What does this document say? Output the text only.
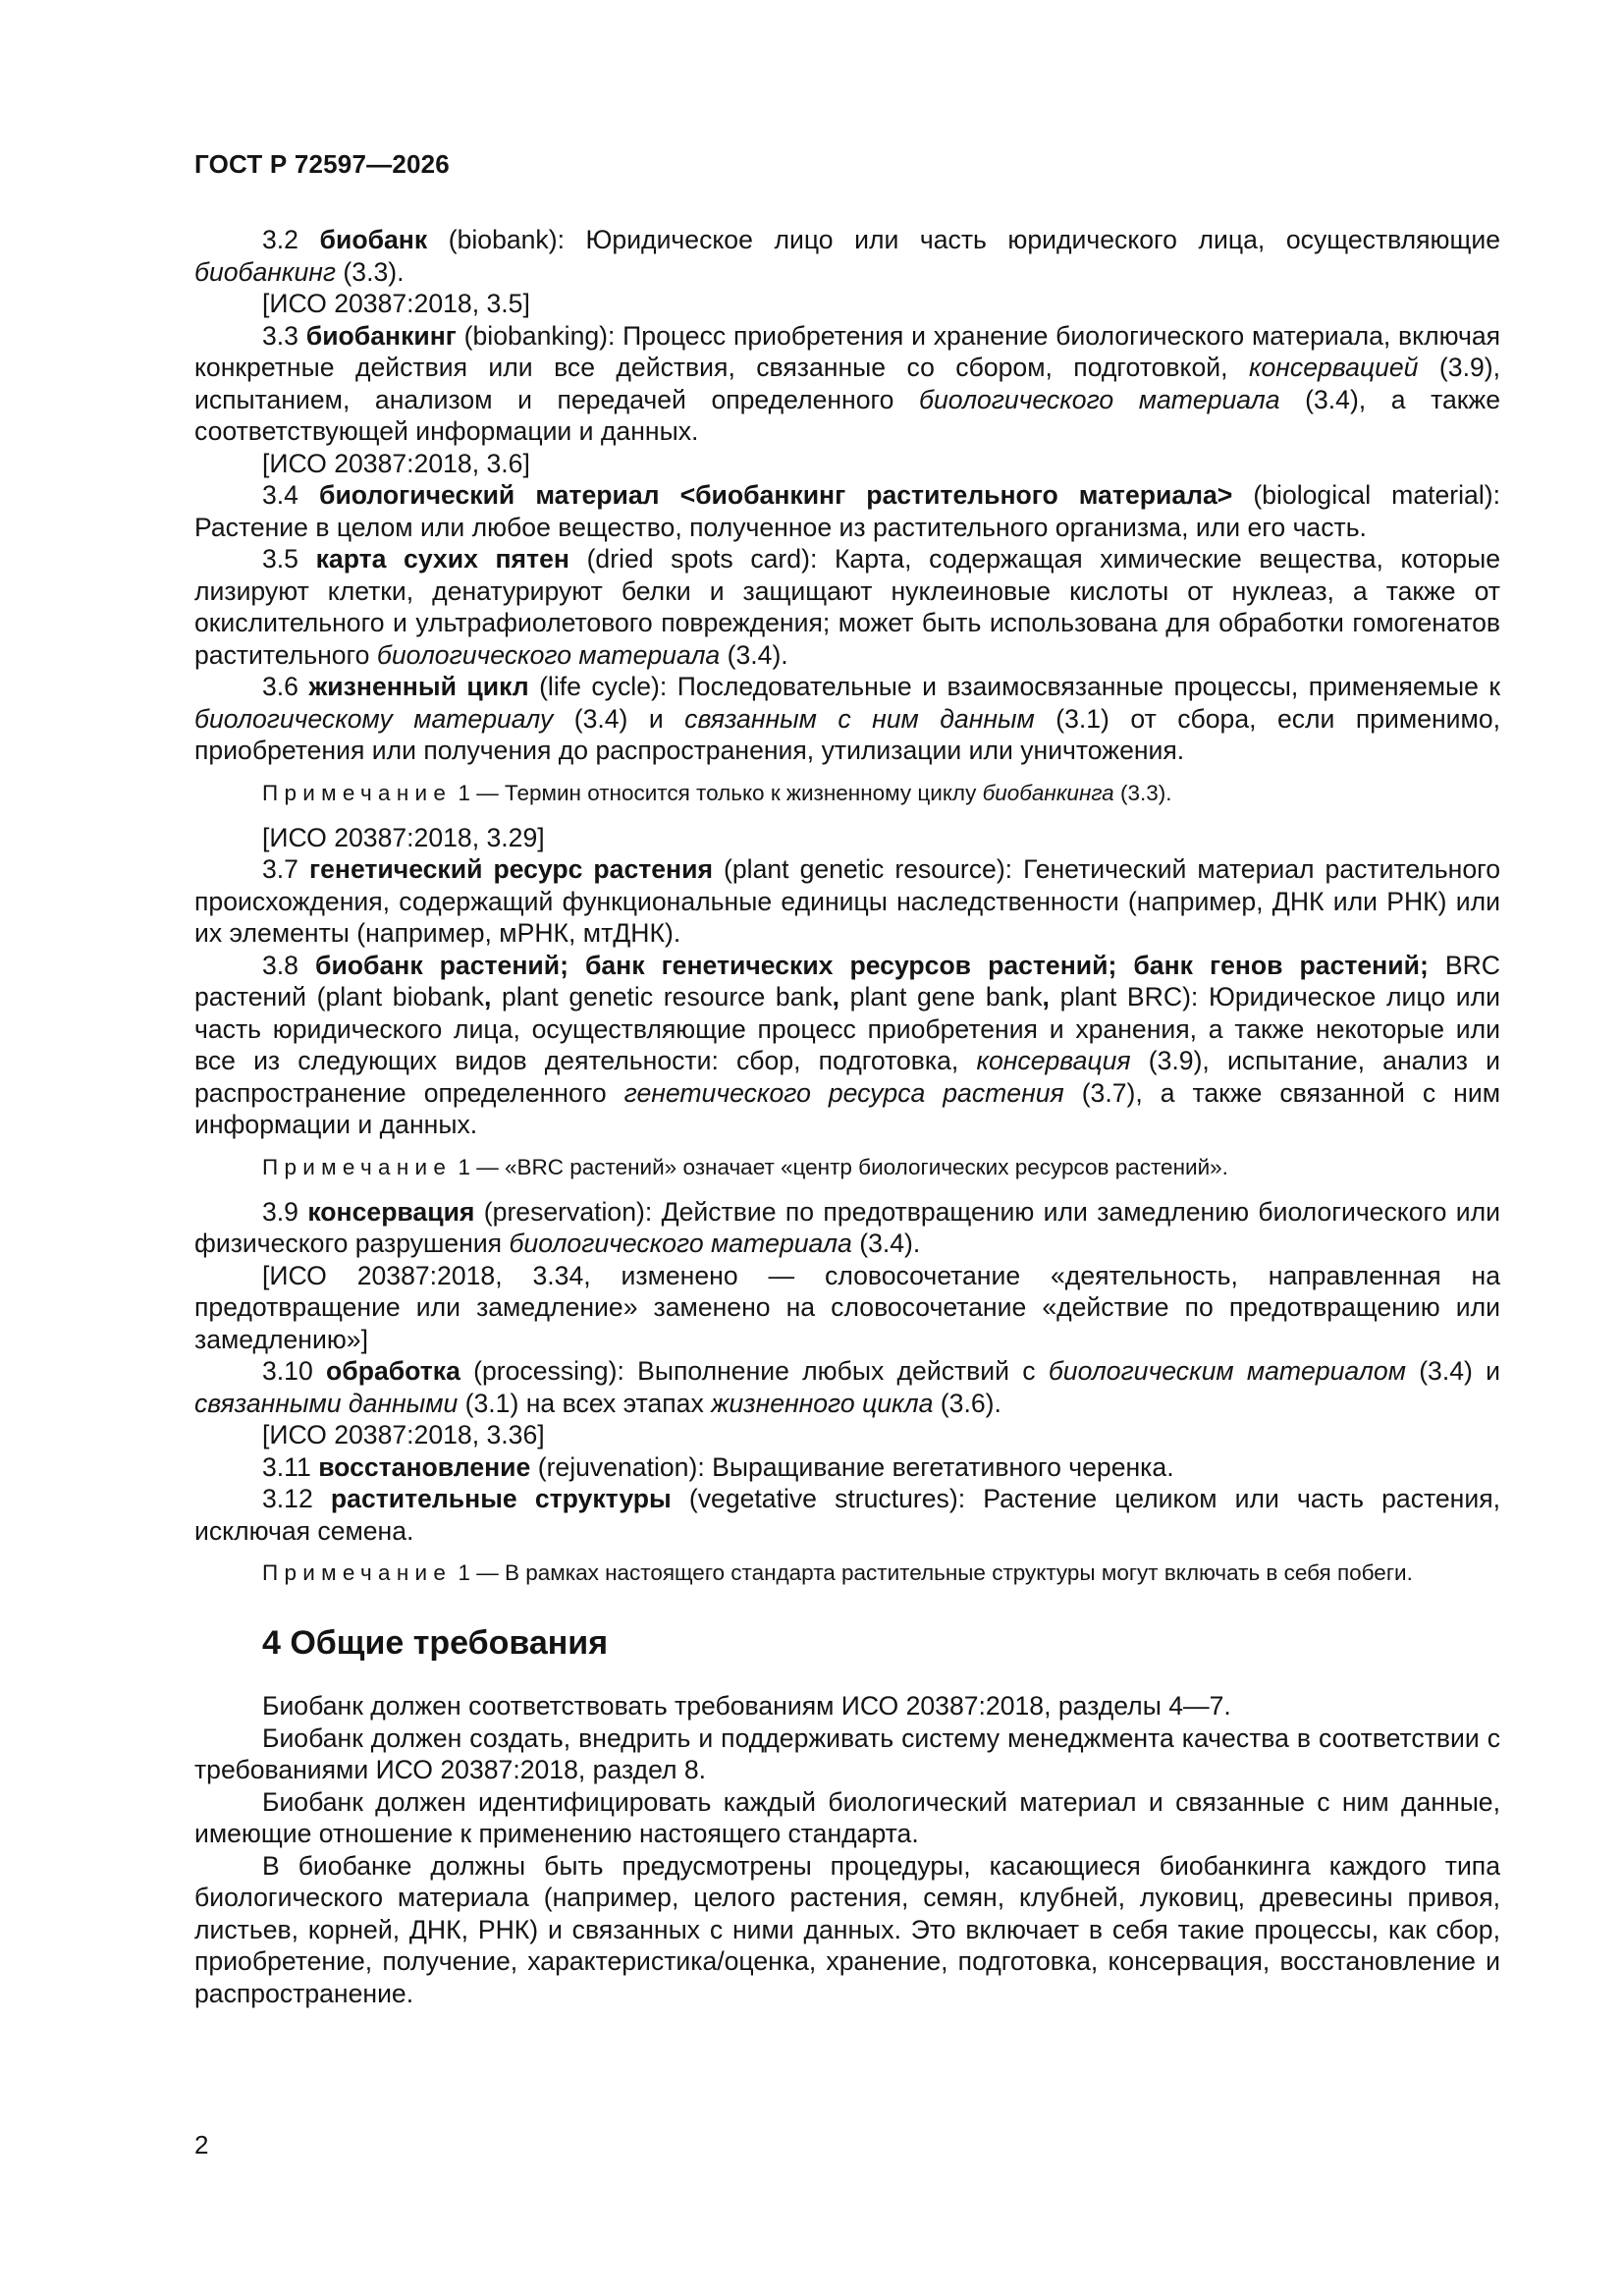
ГОСТ Р 72597—2026

3.2 биобанк (biobank): Юридическое лицо или часть юридического лица, осуществляющие биобанкинг (3.3).

[ИСО 20387:2018, 3.5]

3.3 биобанкинг (biobanking): Процесс приобретения и хранение биологического материала, включая конкретные действия или все действия, связанные со сбором, подготовкой, консервацией (3.9), испытанием, анализом и передачей определенного биологического материала (3.4), а также соответствующей информации и данных.

[ИСО 20387:2018, 3.6]

3.4 биологический материал <биобанкинг растительного материала> (biological material): Растение в целом или любое вещество, полученное из растительного организма, или его часть.

3.5 карта сухих пятен (dried spots card): Карта, содержащая химические вещества, которые лизируют клетки, денатурируют белки и защищают нуклеиновые кислоты от нуклеаз, а также от окислительного и ультрафиолетового повреждения; может быть использована для обработки гомогенатов растительного биологического материала (3.4).

3.6 жизненный цикл (life cycle): Последовательные и взаимосвязанные процессы, применяемые к биологическому материалу (3.4) и связанным с ним данным (3.1) от сбора, если применимо, приобретения или получения до распространения, утилизации или уничтожения.

Примечание 1 — Термин относится только к жизненному циклу биобанкинга (3.3).

[ИСО 20387:2018, 3.29]

3.7 генетический ресурс растения (plant genetic resource): Генетический материал растительного происхождения, содержащий функциональные единицы наследственности (например, ДНК или РНК) или их элементы (например, мРНК, мтДНК).

3.8 биобанк растений; банк генетических ресурсов растений; банк генов растений; BRC растений (plant biobank, plant genetic resource bank, plant gene bank, plant BRC): Юридическое лицо или часть юридического лица, осуществляющие процесс приобретения и хранения, а также некоторые или все из следующих видов деятельности: сбор, подготовка, консервация (3.9), испытание, анализ и распространение определенного генетического ресурса растения (3.7), а также связанной с ним информации и данных.

Примечание 1 — «BRC растений» означает «центр биологических ресурсов растений».

3.9 консервация (preservation): Действие по предотвращению или замедлению биологического или физического разрушения биологического материала (3.4).

[ИСО 20387:2018, 3.34, изменено — словосочетание «деятельность, направленная на предотвращение или замедление» заменено на словосочетание «действие по предотвращению или замедлению»]

3.10 обработка (processing): Выполнение любых действий с биологическим материалом (3.4) и связанными данными (3.1) на всех этапах жизненного цикла (3.6).

[ИСО 20387:2018, 3.36]

3.11 восстановление (rejuvenation): Выращивание вегетативного черенка.

3.12 растительные структуры (vegetative structures): Растение целиком или часть растения, исключая семена.

Примечание 1 — В рамках настоящего стандарта растительные структуры могут включать в себя побеги.
4 Общие требования

Биобанк должен соответствовать требованиям ИСО 20387:2018, разделы 4—7.

Биобанк должен создать, внедрить и поддерживать систему менеджмента качества в соответствии с требованиями ИСО 20387:2018, раздел 8.

Биобанк должен идентифицировать каждый биологический материал и связанные с ним данные, имеющие отношение к применению настоящего стандарта.

В биобанке должны быть предусмотрены процедуры, касающиеся биобанкинга каждого типа биологического материала (например, целого растения, семян, клубней, луковиц, древесины привоя, листьев, корней, ДНК, РНК) и связанных с ними данных. Это включает в себя такие процессы, как сбор, приобретение, получение, характеристика/оценка, хранение, подготовка, консервация, восстановление и распространение.

2
